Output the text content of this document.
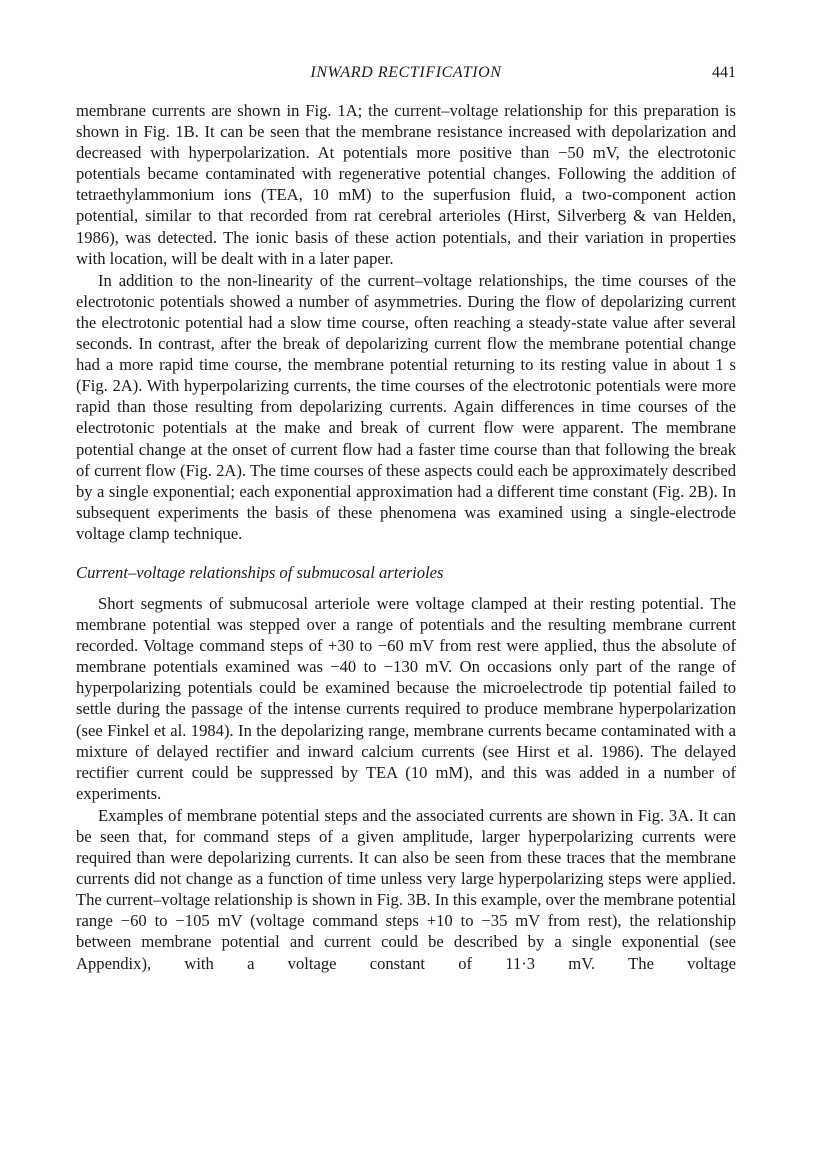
INWARD RECTIFICATION	441

membrane currents are shown in Fig. 1A; the current–voltage relationship for this preparation is shown in Fig. 1B. It can be seen that the membrane resistance increased with depolarization and decreased with hyperpolarization. At potentials more positive than −50 mV, the electrotonic potentials became contaminated with regenerative potential changes. Following the addition of tetraethylammonium ions (TEA, 10 mM) to the superfusion fluid, a two-component action potential, similar to that recorded from rat cerebral arterioles (Hirst, Silverberg & van Helden, 1986), was detected. The ionic basis of these action potentials, and their variation in properties with location, will be dealt with in a later paper.

In addition to the non-linearity of the current–voltage relationships, the time courses of the electrotonic potentials showed a number of asymmetries. During the flow of depolarizing current the electrotonic potential had a slow time course, often reaching a steady-state value after several seconds. In contrast, after the break of depolarizing current flow the membrane potential change had a more rapid time course, the membrane potential returning to its resting value in about 1 s (Fig. 2A). With hyperpolarizing currents, the time courses of the electrotonic potentials were more rapid than those resulting from depolarizing currents. Again differences in time courses of the electrotonic potentials at the make and break of current flow were apparent. The membrane potential change at the onset of current flow had a faster time course than that following the break of current flow (Fig. 2A). The time courses of these aspects could each be approximately described by a single exponential; each exponential approximation had a different time constant (Fig. 2B). In subsequent experiments the basis of these phenomena was examined using a single-electrode voltage clamp technique.

Current–voltage relationships of submucosal arterioles

Short segments of submucosal arteriole were voltage clamped at their resting potential. The membrane potential was stepped over a range of potentials and the resulting membrane current recorded. Voltage command steps of +30 to −60 mV from rest were applied, thus the absolute of membrane potentials examined was −40 to −130 mV. On occasions only part of the range of hyperpolarizing potentials could be examined because the microelectrode tip potential failed to settle during the passage of the intense currents required to produce membrane hyperpolarization (see Finkel et al. 1984). In the depolarizing range, membrane currents became contaminated with a mixture of delayed rectifier and inward calcium currents (see Hirst et al. 1986). The delayed rectifier current could be suppressed by TEA (10 mM), and this was added in a number of experiments.

Examples of membrane potential steps and the associated currents are shown in Fig. 3A. It can be seen that, for command steps of a given amplitude, larger hyperpolarizing currents were required than were depolarizing currents. It can also be seen from these traces that the membrane currents did not change as a function of time unless very large hyperpolarizing steps were applied. The current–voltage relationship is shown in Fig. 3B. In this example, over the membrane potential range −60 to −105 mV (voltage command steps +10 to −35 mV from rest), the relationship between membrane potential and current could be described by a single exponential (see Appendix), with a voltage constant of 11·3 mV. The voltage
